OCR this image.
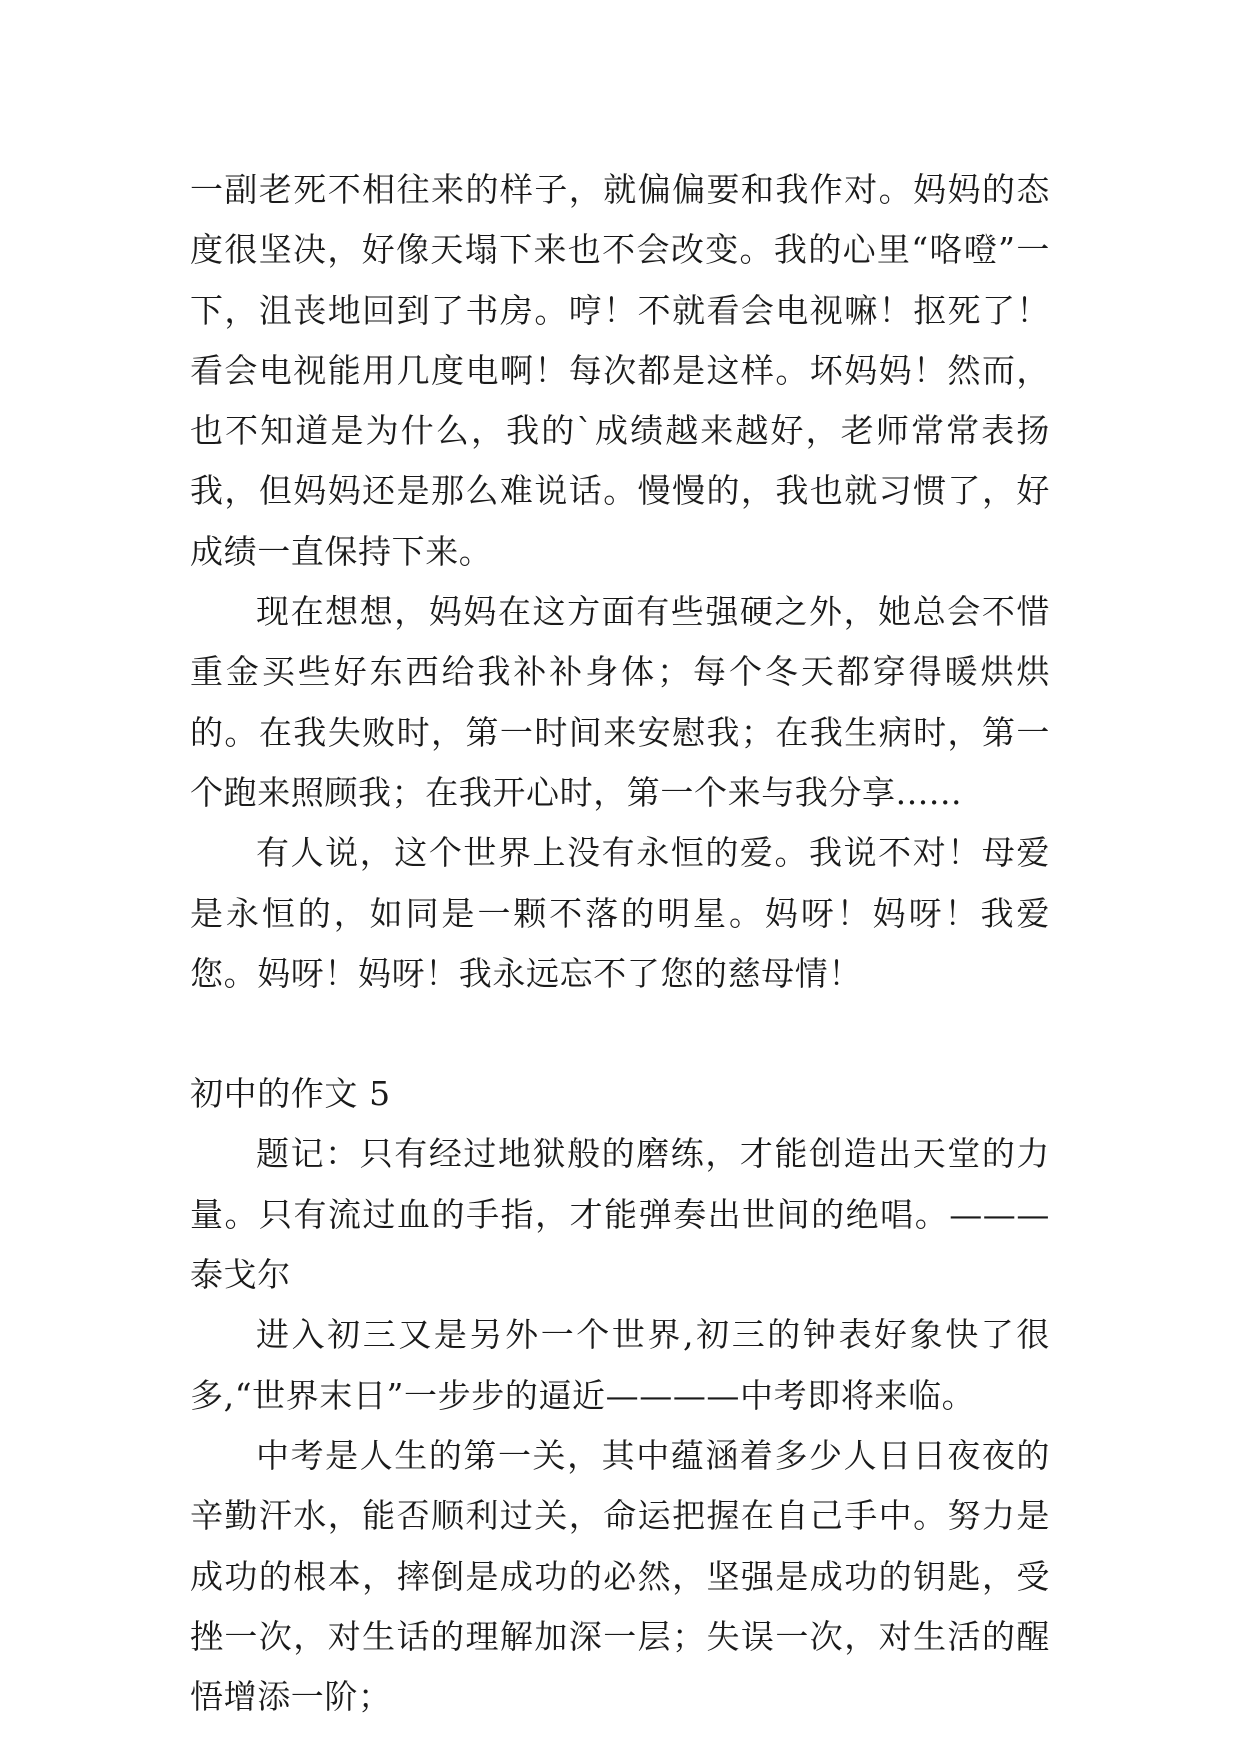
一副老死不相往来的样子，就偏偏要和我作对。妈妈的态度很坚决，好像天塌下来也不会改变。我的心里“咯噔”一下，沮丧地回到了书房。哼！不就看会电视嘛！抠死了！看会电视能用几度电啊！每次都是这样。坏妈妈！然而，也不知道是为什么，我的`成绩越来越好，老师常常表扬我，但妈妈还是那么难说话。慢慢的，我也就习惯了，好成绩一直保持下来。

现在想想，妈妈在这方面有些强硬之外，她总会不惜重金买些好东西给我补补身体；每个冬天都穿得暖烘烘的。在我失败时，第一时间来安慰我；在我生病时，第一个跑来照顾我；在我开心时，第一个来与我分享......

有人说，这个世界上没有永恒的爱。我说不对！母爱是永恒的，如同是一颗不落的明星。妈呀！妈呀！我爱您。妈呀！妈呀！我永远忘不了您的慈母情！

初中的作文 5

题记：只有经过地狱般的磨练，才能创造出天堂的力量。只有流过血的手指，才能弹奏出世间的绝唱。———泰戈尔

进入初三又是另外一个世界,初三的钟表好象快了很多,“世界末日”一步步的逼近————中考即将来临。

中考是人生的第一关，其中蕴涵着多少人日日夜夜的辛勤汗水，能否顺利过关，命运把握在自己手中。努力是成功的根本，摔倒是成功的必然，坚强是成功的钥匙，受挫一次，对生话的理解加深一层；失误一次，对生活的醒悟增添一阶；
